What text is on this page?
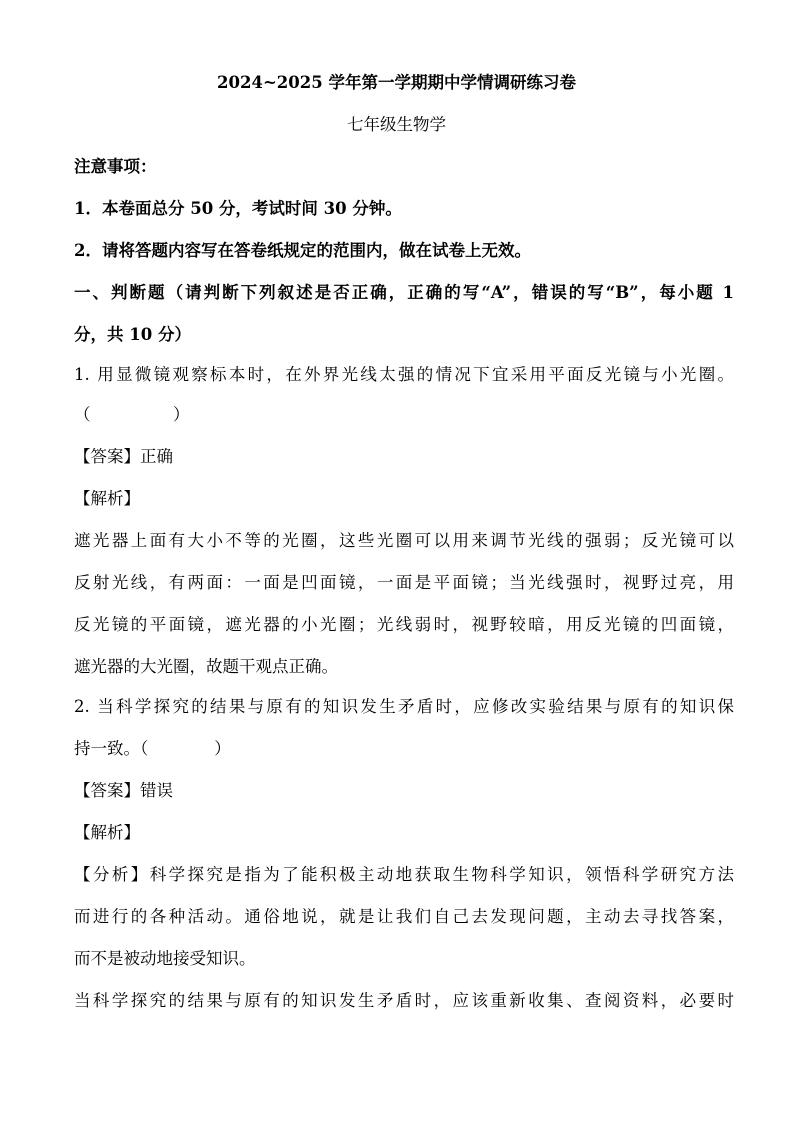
2024~2025 学年第一学期期中学情调研练习卷
七年级生物学
注意事项：
1．本卷面总分 50 分，考试时间 30 分钟。
2．请将答题内容写在答卷纸规定的范围内，做在试卷上无效。
一、判断题（请判断下列叙述是否正确，正确的写“A”，错误的写“B”，每小题 1
分，共 10 分）
1. 用显微镜观察标本时，在外界光线太强的情况下宜采用平面反光镜与小光圈。
（　　　　　）
【答案】正确
【解析】
遮光器上面有大小不等的光圈，这些光圈可以用来调节光线的强弱；反光镜可以
反射光线，有两面：一面是凹面镜，一面是平面镜；当光线强时，视野过亮，用
反光镜的平面镜，遮光器的小光圈；光线弱时，视野较暗，用反光镜的凹面镜，
遮光器的大光圈，故题干观点正确。
2. 当科学探究的结果与原有的知识发生矛盾时，应修改实验结果与原有的知识保
持一致。（　　　　）
【答案】错误
【解析】
【分析】科学探究是指为了能积极主动地获取生物科学知识，领悟科学研究方法
而进行的各种活动。通俗地说，就是让我们自己去发现问题，主动去寻找答案，
而不是被动地接受知识。
当科学探究的结果与原有的知识发生矛盾时，应该重新收集、查阅资料，必要时
